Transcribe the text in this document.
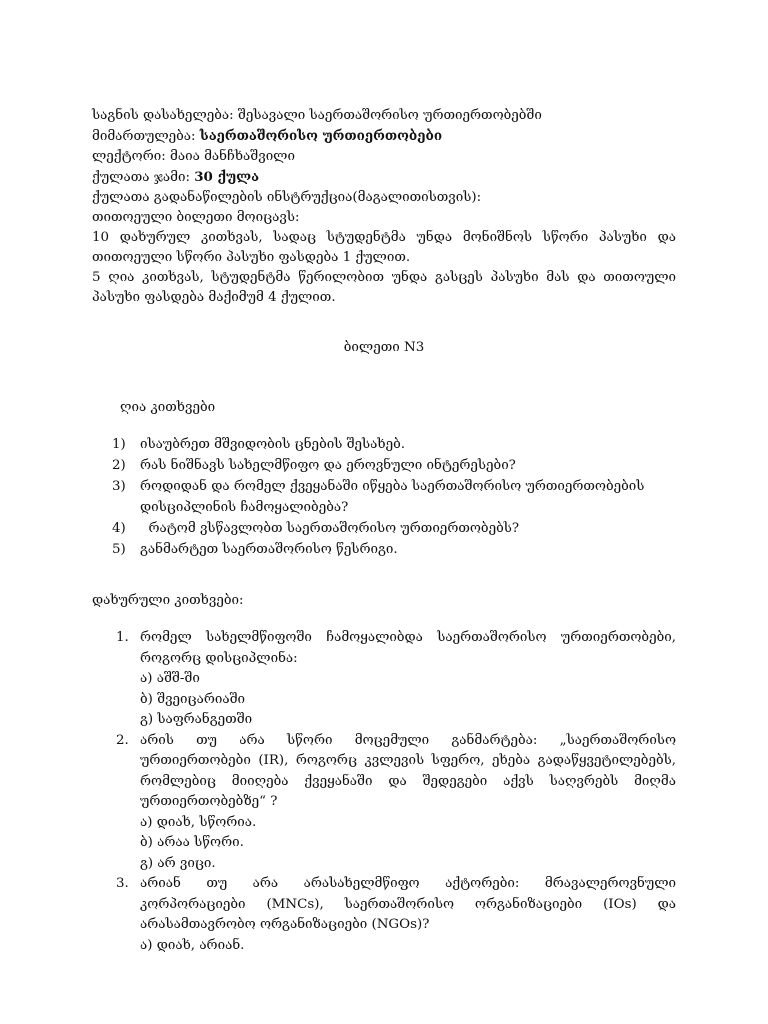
საგნის დასახელება: შესავალი საერთაშორისო ურთიერთობებში
მიმართულება: საერთაშორისო ურთიერთობები
ლექტორი: მაია მანჩხაშვილი
ქულათა ჯამი: 30 ქულა
ქულათა გადანაწილების ინსტრუქცია(მაგალითისთვის):
თითოეული ბილეთი მოიცავს:
10 დახურულ კითხვას, სადაც სტუდენტმა უნდა მონიშნოს სწორი პასუხი და თითოეული სწორი პასუხი ფასდება 1 ქულით.
5 ღია კითხვას, სტუდენტმა წერილობით უნდა გასცეს პასუხი მას და თითოული პასუხი ფასდება მაქიმუმ 4 ქულით.
ბილეთი N3
ღია კითხვები
1)	ისაუბრეთ მშვიდობის ცნების შესახებ.
2)	რას ნიშნავს სახელმწიფო და ეროვნული ინტერესები?
3)	როდიდან და რომელ ქვეყანაში იწყება საერთაშორისო ურთიერთობების დისციპლინის ჩამოყალიბება?
4)	რატომ ვსწავლობთ საერთაშორისო ურთიერთობებს?
5)	განმარტეთ საერთაშორისო წესრიგი.
დახურული კითხვები:
1. რომელ სახელმწიფოში ჩამოყალიბდა საერთაშორისო ურთიერთობები, როგორც დისციპლინა:
ა) აშშ-ში
ბ) შვეიცარიაში
გ) საფრანგეთში
2. არის თუ არა სწორი მოცემული განმარტება: „საერთაშორისო ურთიერთობები (IR), როგორც კვლევის სფერო, ეხება გადაწყვეტილებებს, რომლებიც მიიღება ქვეყანაში და შედეგები აქვს საღვრებს მიღმა ურთიერთობებზე“ ?
ა) დიახ, სწორია.
ბ) არაა სწორი.
გ) არ ვიცი.
3. არიან თუ არა არასახელმწიფო აქტორები: მრავალეროვნული კორპორაციები (MNCs), საერთაშორისო ორგანიზაციები (IOs) და არასამთავრობო ორგანიზაციები (NGOs)?
ა) დიახ, არიან.
